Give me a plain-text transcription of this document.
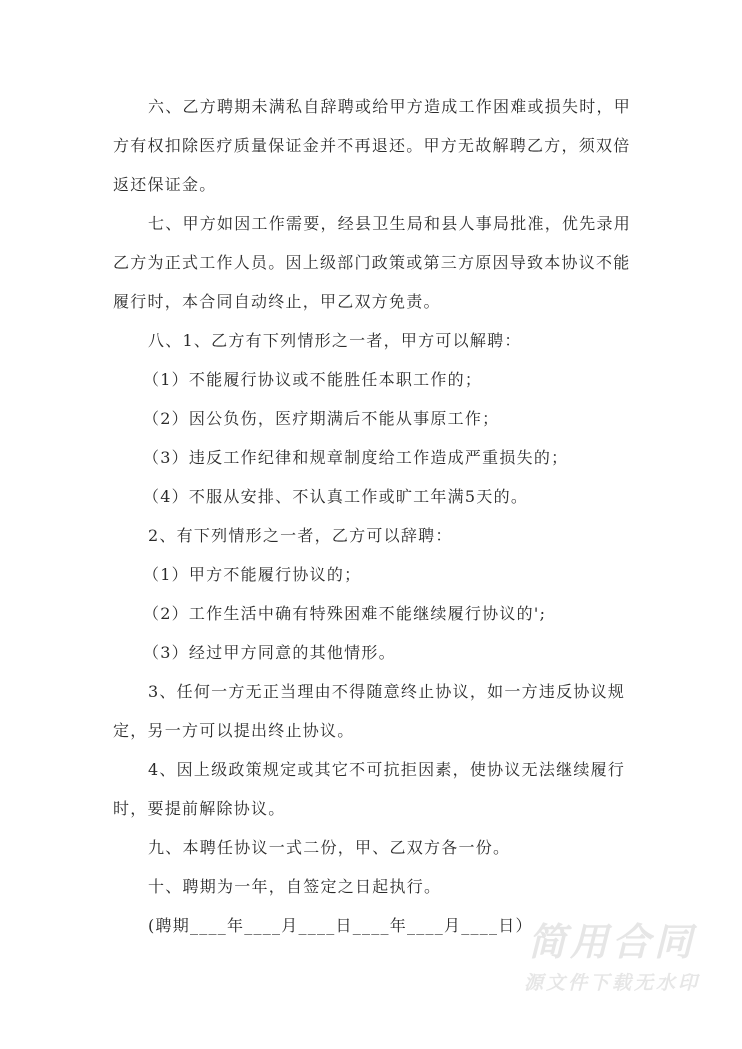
六、乙方聘期未满私自辞聘或给甲方造成工作困难或损失时，甲
方有权扣除医疗质量保证金并不再退还。甲方无故解聘乙方，须双倍
返还保证金。
七、甲方如因工作需要，经县卫生局和县人事局批准，优先录用
乙方为正式工作人员。因上级部门政策或第三方原因导致本协议不能
履行时，本合同自动终止，甲乙双方免责。
八、1、乙方有下列情形之一者，甲方可以解聘：
（1）不能履行协议或不能胜任本职工作的；
（2）因公负伤，医疗期满后不能从事原工作；
（3）违反工作纪律和规章制度给工作造成严重损失的；
（4）不服从安排、不认真工作或旷工年满5天的。
2、有下列情形之一者，乙方可以辞聘：
（1）甲方不能履行协议的；
（2）工作生活中确有特殊困难不能继续履行协议的';
（3）经过甲方同意的其他情形。
3、任何一方无正当理由不得随意终止协议，如一方违反协议规
定，另一方可以提出终止协议。
4、因上级政策规定或其它不可抗拒因素，使协议无法继续履行
时，要提前解除协议。
九、本聘任协议一式二份，甲、乙双方各一份。
十、聘期为一年，自签定之日起执行。
(聘期____年____月____日____年____月____日）
简用合同
源文件下载无水印
